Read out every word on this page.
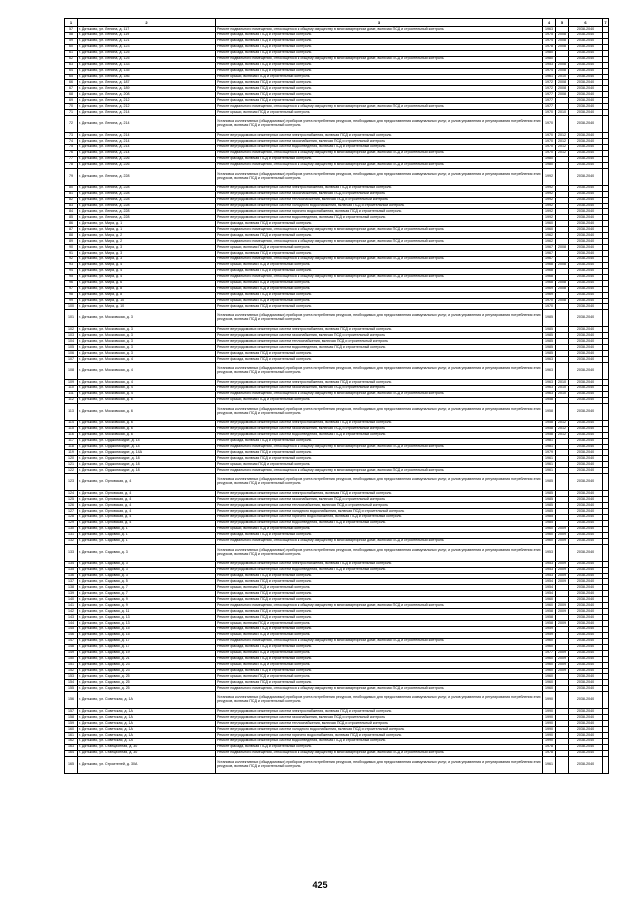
1	2	3	4	5	6	7
57	г. Дятьково, ул. Ленина, д. 117	Ремонт подвального помещения, относящегося к общему имуществу в многоквартирном доме, включая ПСД и строительный контроль	1963		2038-2040	
58	г. Дятьково, ул. Ленина, д. 119	Ремонт фасада, включая ПСД и строительный контроль	1975	2008	2038-2040	
59	г. Дятьково, ул. Ленина, д. 121	Ремонт фасада, включая ПСД и строительный контроль	1974	2008	2038-2040	
60	г. Дятьково, ул. Ленина, д. 123	Ремонт фасада, включая ПСД и строительный контроль	1978	2008	2038-2040	
61	г. Дятьково, ул. Ленина, д. 125	Ремонт фасада, включая ПСД и строительный контроль	1980		2038-2040	
62	г. Дятьково, ул. Ленина, д. 125	Ремонт подвального помещения, относящегося к общему имуществу в многоквартирном доме, включая ПСД и строительный контроль	1980		2038-2040	
63	г. Дятьково, ул. Ленина, д. 133	Ремонт фасада, включая ПСД и строительный контроль	1953	2008	2038-2040	
64	г. Дятьково, ул. Ленина, д. 135	Ремонт фасада, включая ПСД и строительный контроль	1974	2008	2038-2040	
65	г. Дятьково, ул. Ленина, д. 186	Ремонт крыши, включая ПСД и строительный контроль	1961	2010	2038-2040	
66	г. Дятьково, ул. Ленина, д. 187	Ремонт фасада, включая ПСД и строительный контроль	1972	2008	2038-2040	
67	г. Дятьково, ул. Ленина, д. 189	Ремонт фасада, включая ПСД и строительный контроль	1972	2008	2038-2040	
68	г. Дятьково, ул. Ленина, д. 208	Ремонт фасада, включая ПСД и строительный контроль	1977	2008	2038-2040	
69	г. Дятьково, ул. Ленина, д. 212	Ремонт фасада, включая ПСД и строительный контроль	1977		2038-2040	
70	г. Дятьково, ул. Ленина, д. 212	Ремонт подвального помещения, относящегося к общему имуществу в многоквартирном доме, включая ПСД и строительный контроль	1977		2038-2040	
71	г. Дятьково, ул. Ленина, д. 214	Ремонт крыши, включая ПСД и строительный контроль	1970	2010	2038-2040	
72	г. Дятьково, ул. Ленина, д. 214	Установка коллективных (общедомовых) приборов учета потребления ресурсов, необходимых для предоставления коммунальных услуг, и узлов управления и регулирования потребления этих ресурсов, включая ПСД и строительный контроль	1970		2038-2040	
73	г. Дятьково, ул. Ленина, д. 214	Ремонт внутридомовых инженерных систем электроснабжения, включая ПСД и строительный контроль	1970	2012	2038-2040	
74	г. Дятьково, ул. Ленина, д. 214	Ремонт внутридомовых инженерных систем газоснабжения, включая ПСД и строительный контроль	1970	2012	2038-2040	
75	г. Дятьково, ул. Ленина, д. 214	Ремонт внутридомовых инженерных систем водоотведения, включая ПСД и строительный контроль	1970	2012	2038-2040	
76	г. Дятьково, ул. Ленина, д. 214	Ремонт подвального помещения, относящегося к общему имуществу в многоквартирном доме, включая ПСД и строительный контроль	1970	2012	2038-2040	
77	г. Дятьково, ул. Ленина, д. 226	Ремонт фасада, включая ПСД и строительный контроль	1980		2038-2040	
78	г. Дятьково, ул. Ленина, д. 226	Ремонт подвального помещения, относящегося к общему имуществу в многоквартирном доме, включая ПСД и строительный контроль	1980		2038-2040	
79	г. Дятьково, ул. Ленина, д. 228	Установка коллективных (общедомовых) приборов учета потребления ресурсов, необходимых для предоставления коммунальных услуг, и узлов управления и регулирования потребления этих ресурсов, включая ПСД и строительный контроль	1992		2038-2040	
80	г. Дятьково, ул. Ленина, д. 228	Ремонт внутридомовых инженерных систем электроснабжения, включая ПСД и строительный контроль	1992		2038-2040	
81	г. Дятьково, ул. Ленина, д. 228	Ремонт внутридомовых инженерных систем газоснабжения, включая ПСД и строительный контроль	1992		2038-2040	
82	г. Дятьково, ул. Ленина, д. 228	Ремонт внутридомовых инженерных систем теплоснабжения, включая ПСД и строительный контроль	1992		2038-2040	
83	г. Дятьково, ул. Ленина, д. 228	Ремонт внутридомовых инженерных систем холодного водоснабжения, включая ПСД и строительный контроль	1992		2038-2040	
84	г. Дятьково, ул. Ленина, д. 228	Ремонт внутридомовых инженерных систем горячего водоснабжения, включая ПСД и строительный контроль	1992		2038-2040	
85	г. Дятьково, ул. Ленина, д. 228	Ремонт внутридомовых инженерных систем водоотведения, включая ПСД и строительный контроль	1992		2038-2040	
86	г. Дятьково, ул. Мира, д. 1	Ремонт фасада, включая ПСД и строительный контроль	1960		2038-2040	
87	г. Дятьково, ул. Мира, д. 1	Ремонт подвального помещения, относящегося к общему имуществу в многоквартирном доме, включая ПСД и строительный контроль	1960		2038-2040	
88	г. Дятьково, ул. Мира, д. 2	Ремонт фасада, включая ПСД и строительный контроль	1962		2038-2040	
89	г. Дятьково, ул. Мира, д. 2	Ремонт подвального помещения, относящегося к общему имуществу в многоквартирном доме, включая ПСД и строительный контроль	1962		2038-2040	
90	г. Дятьково, ул. Мира, д. 3	Ремонт крыши, включая ПСД и строительный контроль	1967	2008	2038-2040	
91	г. Дятьково, ул. Мира, д. 3	Ремонт фасада, включая ПСД и строительный контроль	1967		2038-2040	
92	г. Дятьково, ул. Мира, д. 3	Ремонт подвального помещения, относящегося к общему имуществу в многоквартирном доме, включая ПСД и строительный контроль	1967		2038-2040	
93	г. Дятьково, ул. Мира, д. 4	Ремонт крыши, включая ПСД и строительный контроль	1968	2008	2038-2040	
94	г. Дятьково, ул. Мира, д. 4	Ремонт фасада, включая ПСД и строительный контроль	1968		2038-2040	
95	г. Дятьково, ул. Мира, д. 4	Ремонт подвального помещения, относящегося к общему имуществу в многоквартирном доме, включая ПСД и строительный контроль	1968		2038-2040	
96	г. Дятьково, ул. Мира, д. 6	Ремонт крыши, включая ПСД и строительный контроль	1968	2008	2038-2040	
97	г. Дятьково, ул. Мира, д. 8	Ремонт крыши, включая ПСД и строительный контроль	1969	2008	2038-2040	
98	г. Дятьково, ул. Мира, д. 8	Ремонт фасада, включая ПСД и строительный контроль	1969		2038-2040	
99	г. Дятьково, ул. Мира, д. 10	Ремонт крыши, включая ПСД и строительный контроль	1970	2008	2038-2040	
100	г. Дятьково, ул. Мира, д. 10	Ремонт фасада, включая ПСД и строительный контроль	1970		2038-2040	
101	г. Дятьково, ул. Московская, д. 3	Установка коллективных (общедомовых) приборов учета потребления ресурсов, необходимых для предоставления коммунальных услуг, и узлов управления и регулирования потребления этих ресурсов, включая ПСД и строительный контроль	1985		2038-2040	
102	г. Дятьково, ул. Московская, д. 3	Ремонт внутридомовых инженерных систем электроснабжения, включая ПСД и строительный контроль	1985		2038-2040	
103	г. Дятьково, ул. Московская, д. 3	Ремонт внутридомовых инженерных систем газоснабжения, включая ПСД и строительный контроль	1985		2038-2040	
104	г. Дятьково, ул. Московская, д. 3	Ремонт внутридомовых инженерных систем теплоснабжения, включая ПСД и строительный контроль	1985		2038-2040	
105	г. Дятьково, ул. Московская, д. 3	Ремонт внутридомовых инженерных систем водоотведения, включая ПСД и строительный контроль	1985		2038-2040	
106	г. Дятьково, ул. Московская, д. 3	Ремонт фасада, включая ПСД и строительный контроль	1985		2038-2040	
107	г. Дятьково, ул. Московская, д. 4	Ремонт фасада, включая ПСД и строительный контроль	1963		2038-2040	
108	г. Дятьково, ул. Московская, д. 4	Установка коллективных (общедомовых) приборов учета потребления ресурсов, необходимых для предоставления коммунальных услуг, и узлов управления и регулирования потребления этих ресурсов, включая ПСД и строительный контроль	1963		2038-2040	
109	г. Дятьково, ул. Московская, д. 4	Ремонт внутридомовых инженерных систем электроснабжения, включая ПСД и строительный контроль	1963	2010	2038-2040	
110	г. Дятьково, ул. Московская, д. 4	Ремонт внутридомовых инженерных систем газоснабжения, включая ПСД и строительный контроль	1963	2010	2038-2040	
111	г. Дятьково, ул. Московская, д. 4	Ремонт подвального помещения, относящегося к общему имуществу в многоквартирном доме, включая ПСД и строительный контроль	1963	2010	2038-2040	
112	г. Дятьково, ул. Московская, д. 6	Ремонт крыши, включая ПСД и строительный контроль	1958		2038-2040	
113	г. Дятьково, ул. Московская, д. 6	Установка коллективных (общедомовых) приборов учета потребления ресурсов, необходимых для предоставления коммунальных услуг, и узлов управления и регулирования потребления этих ресурсов, включая ПСД и строительный контроль	1958		2038-2040	
114	г. Дятьково, ул. Московская, д. 6	Ремонт внутридомовых инженерных систем электроснабжения, включая ПСД и строительный контроль	1958	2012	2038-2040	
115	г. Дятьково, ул. Московская, д. 6	Ремонт внутридомовых инженерных систем газоснабжения, включая ПСД и строительный контроль	1958	2012	2038-2040	
116	г. Дятьково, ул. Московская, д. 6	Ремонт внутридомовых инженерных систем водоотведения, включая ПСД и строительный контроль	1958	2012	2038-2040	
117	г. Дятьково, ул. Орджоникидзе, д. 14	Ремонт фасада, включая ПСД и строительный контроль	1981		2038-2040	
118	г. Дятьково, ул. Орджоникидзе, д. 14	Ремонт подвального помещения, относящегося к общему имуществу в многоквартирном доме, включая ПСД и строительный контроль	1981		2038-2040	
119	г. Дятьково, ул. Орджоникидзе, д. 14А	Ремонт фасада, включая ПСД и строительный контроль	1979		2038-2040	
120	г. Дятьково, ул. Орджоникидзе, д. 18	Ремонт фасада, включая ПСД и строительный контроль	1961		2038-2040	
121	г. Дятьково, ул. Орджоникидзе, д. 18	Ремонт крыши, включая ПСД и строительный контроль	1961		2038-2040	
122	г. Дятьково, ул. Орджоникидзе, д. 18	Ремонт подвального помещения, относящегося к общему имуществу в многоквартирном доме, включая ПСД и строительный контроль	1961		2038-2040	
123	г. Дятьково, ул. Орловская, д. 4	Установка коллективных (общедомовых) приборов учета потребления ресурсов, необходимых для предоставления коммунальных услуг, и узлов управления и регулирования потребления этих ресурсов, включая ПСД и строительный контроль	1985		2038-2040	
124	г. Дятьково, ул. Орловская, д. 4	Ремонт внутридомовых инженерных систем электроснабжения, включая ПСД и строительный контроль	1985		2038-2040	
125	г. Дятьково, ул. Орловская, д. 4	Ремонт внутридомовых инженерных систем газоснабжения, включая ПСД и строительный контроль	1985		2038-2040	
126	г. Дятьково, ул. Орловская, д. 4	Ремонт внутридомовых инженерных систем теплоснабжения, включая ПСД и строительный контроль	1985		2038-2040	
127	г. Дятьково, ул. Орловская, д. 4	Ремонт внутридомовых инженерных систем холодного водоснабжения, включая ПСД и строительный контроль	1985		2038-2040	
128	г. Дятьково, ул. Орловская, д. 4	Ремонт внутридомовых инженерных систем горячего водоснабжения, включая ПСД и строительный контроль	1985		2038-2040	
129	г. Дятьково, ул. Орловская, д. 4	Ремонт внутридомовых инженерных систем водоотведения, включая ПСД и строительный контроль	1985		2038-2040	
130	г. Дятьково, ул. Садовая, д. 1	Ремонт крыши, включая ПСД и строительный контроль	1960	2009	2038-2040	
131	г. Дятьково, ул. Садовая, д. 1	Ремонт фасада, включая ПСД и строительный контроль	1960	2009	2038-2040	
132	г. Дятьково, ул. Садовая, д. 1	Ремонт подвального помещения, относящегося к общему имуществу в многоквартирном доме, включая ПСД и строительный контроль	1960	2009	2038-2040	
133	г. Дятьково, ул. Садовая, д. 3	Установка коллективных (общедомовых) приборов учета потребления ресурсов, необходимых для предоставления коммунальных услуг, и узлов управления и регулирования потребления этих ресурсов, включая ПСД и строительный контроль	1953		2038-2040	
134	г. Дятьково, ул. Садовая, д. 3	Ремонт внутридомовых инженерных систем электроснабжения, включая ПСД и строительный контроль	1953	2009	2038-2040	
135	г. Дятьково, ул. Садовая, д. 3	Ремонт внутридомовых инженерных систем водоотведения, включая ПСД и строительный контроль	1953	2009	2038-2040	
136	г. Дятьково, ул. Садовая, д. 3	Ремонт фасада, включая ПСД и строительный контроль	1953	2009	2038-2040	
137	г. Дятьково, ул. Садовая, д. 5	Ремонт фасада, включая ПСД и строительный контроль	1954	2009	2038-2040	
138	г. Дятьково, ул. Садовая, д. 7	Ремонт крыши, включая ПСД и строительный контроль	1954		2038-2040	
139	г. Дятьково, ул. Садовая, д. 7	Ремонт фасада, включая ПСД и строительный контроль	1954		2038-2040	
140	г. Дятьково, ул. Садовая, д. 9	Ремонт фасада, включая ПСД и строительный контроль	1960		2038-2040	
141	г. Дятьково, ул. Садовая, д. 9	Ремонт подвального помещения, относящегося к общему имуществу в многоквартирном доме, включая ПСД и строительный контроль	1960	2009	2038-2040	
142	г. Дятьково, ул. Садовая, д. 11	Ремонт фасада, включая ПСД и строительный контроль	1958	2009	2038-2040	
143	г. Дятьково, ул. Садовая, д. 13	Ремонт фасада, включая ПСД и строительный контроль	1958		2038-2040	
144	г. Дятьково, ул. Садовая, д. 13	Ремонт крыши, включая ПСД и строительный контроль	1958	2009	2038-2040	
145	г. Дятьково, ул. Садовая, д. 15	Ремонт фасада, включая ПСД и строительный контроль	1959		2038-2040	
146	г. Дятьково, ул. Садовая, д. 15	Ремонт крыши, включая ПСД и строительный контроль	1959		2038-2040	
147	г. Дятьково, ул. Садовая, д. 17	Ремонт подвального помещения, относящегося к общему имуществу в многоквартирном доме, включая ПСД и строительный контроль	1960		2038-2040	
148	г. Дятьково, ул. Садовая, д. 17	Ремонт фасада, включая ПСД и строительный контроль	1960		2038-2040	
149	г. Дятьково, ул. Садовая, д. 19	Ремонт крыши, включая ПСД и строительный контроль	1977	2009	2038-2040	
150	г. Дятьково, ул. Садовая, д. 21	Ремонт фасада, включая ПСД и строительный контроль	1960	2009	2038-2040	
151	г. Дятьково, ул. Садовая, д. 23	Ремонт крыши, включая ПСД и строительный контроль	1960	2009	2038-2040	
152	г. Дятьково, ул. Садовая, д. 23	Ремонт фасада, включая ПСД и строительный контроль	1960	2009	2038-2040	
153	г. Дятьково, ул. Садовая, д. 25	Ремонт крыши, включая ПСД и строительный контроль	1960		2038-2040	
154	г. Дятьково, ул. Садовая, д. 25	Ремонт фасада, включая ПСД и строительный контроль	1960		2038-2040	
155	г. Дятьково, ул. Садовая, д. 25	Ремонт подвального помещения, относящегося к общему имуществу в многоквартирном доме, включая ПСД и строительный контроль	1960		2038-2040	
156	г. Дятьково, ул. Советская, д. 1А	Установка коллективных (общедомовых) приборов учета потребления ресурсов, необходимых для предоставления коммунальных услуг, и узлов управления и регулирования потребления этих ресурсов, включая ПСД и строительный контроль	1990		2038-2040	
157	г. Дятьково, ул. Советская, д. 1А	Ремонт внутридомовых инженерных систем электроснабжения, включая ПСД и строительный контроль	1990		2038-2040	
158	г. Дятьково, ул. Советская, д. 1А	Ремонт внутридомовых инженерных систем газоснабжения, включая ПСД и строительный контроль	1990		2038-2040	
159	г. Дятьково, ул. Советская, д. 1А	Ремонт внутридомовых инженерных систем теплоснабжения, включая ПСД и строительный контроль	1990		2038-2040	
160	г. Дятьково, ул. Советская, д. 1А	Ремонт внутридомовых инженерных систем холодного водоснабжения, включая ПСД и строительный контроль	1990		2038-2040	
161	г. Дятьково, ул. Советская, д. 1А	Ремонт внутридомовых инженерных систем горячего водоснабжения, включая ПСД и строительный контроль	1990		2038-2040	
162	г. Дятьково, ул. Советская, д. 1А	Ремонт внутридомовых инженерных систем водоотведения, включая ПСД и строительный контроль	1990		2038-2040	
163	г. Дятьково, ул. Станционная, д. 30	Ремонт фасада, включая ПСД и строительный контроль	1978		2038-2040	
164	г. Дятьково, ул. Станционная, д. 30	Ремонт подвального помещения, относящегося к общему имуществу в многоквартирном доме, включая ПСД и строительный контроль	1978		2038-2040	
165	г. Дятьково, ул. Строителей, д. 30А	Установка коллективных (общедомовых) приборов учета потребления ресурсов, необходимых для предоставления коммунальных услуг, и узлов управления и регулирования потребления этих ресурсов, включая ПСД и строительный контроль	1961		2038-2040	
425
